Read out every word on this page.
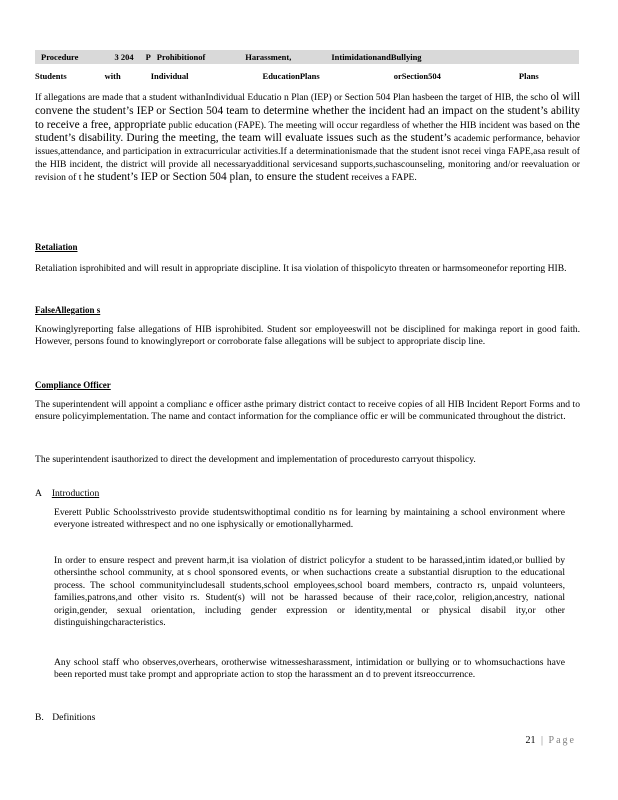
Procedure	3 204 P Prohibitionof	Harassment,	IntimidationandBullying
Students	with	Individual	EducationPlans	orSection504	Plans

If allegations are made that a student withanIndividual Educatio n Plan (IEP) or Section 504 Plan hasbeen the target of HIB, the scho ol will convene the student’s IEP or Section 504 team to determine whether the incident had an impact on the student’s ability to receive a free, appropriate public education (FAPE). The meeting will occur regardless of whether the HIB incident was based on the student’s disability. During the meeting, the team will evaluate issues such as the student’s academic performance, behavior issues,attendance, and participation in extracurricular activities.If a determinationismade that the student isnot recei vinga FAPE,asa result of the HIB incident, the district will provide all necessaryadditional servicesand supports,suchascounseling, monitoring and/or reevaluation or revision of t he student’s IEP or Section 504 plan, to ensure the student receives a FAPE.

Retaliation

Retaliation isprohibited and will result in appropriate discipline. It isa violation of thispolicyto threaten or harmsomeonefor reporting HIB.

FalseAllegation s

Knowinglyreporting false allegations of HIB isprohibited. Student sor employeeswill not be disciplined for makinga report in good faith. However, persons found to knowinglyreport or corroborate false allegations will be subject to appropriate discip line.

Compliance Officer

The superintendent will appoint a complianc e officer asthe primary district contact to receive copies of all HIB Incident Report Forms and to ensure policyimplementation. The name and contact information for the compliance offic er will be communicated throughout the district.

The superintendent isauthorized to direct the development and implementation of proceduresto carryout thispolicy.

A Introduction

Everett Public Schoolsstrivesto provide studentswithoptimal conditio ns for learning by maintaining a school environment where everyone istreated withrespect and no one isphysically or emotionallyharmed.

In order to ensure respect and prevent harm,it isa violation of district policyfor a student to be harassed,intim idated,or bullied by othersinthe school community, at s chool sponsored events, or when suchactions create a substantial disruption to the educational process. The school communityincludesall students,school employees,school board members, contracto rs, unpaid volunteers, families,patrons,and other visito rs. Student(s) will not be harassed because of their race,color, religion,ancestry, national origin,gender, sexual orientation, including gender expression or identity,mental or physical disabil ity,or other distinguishingcharacteristics.

Any school staff who observes,overhears, orotherwise witnessesharassment, intimidation or bullying or to whomsuchactions have been reported must take prompt and appropriate action to stop the harassment an d to prevent itsreoccurrence.

B. Definitions
21 | Page
